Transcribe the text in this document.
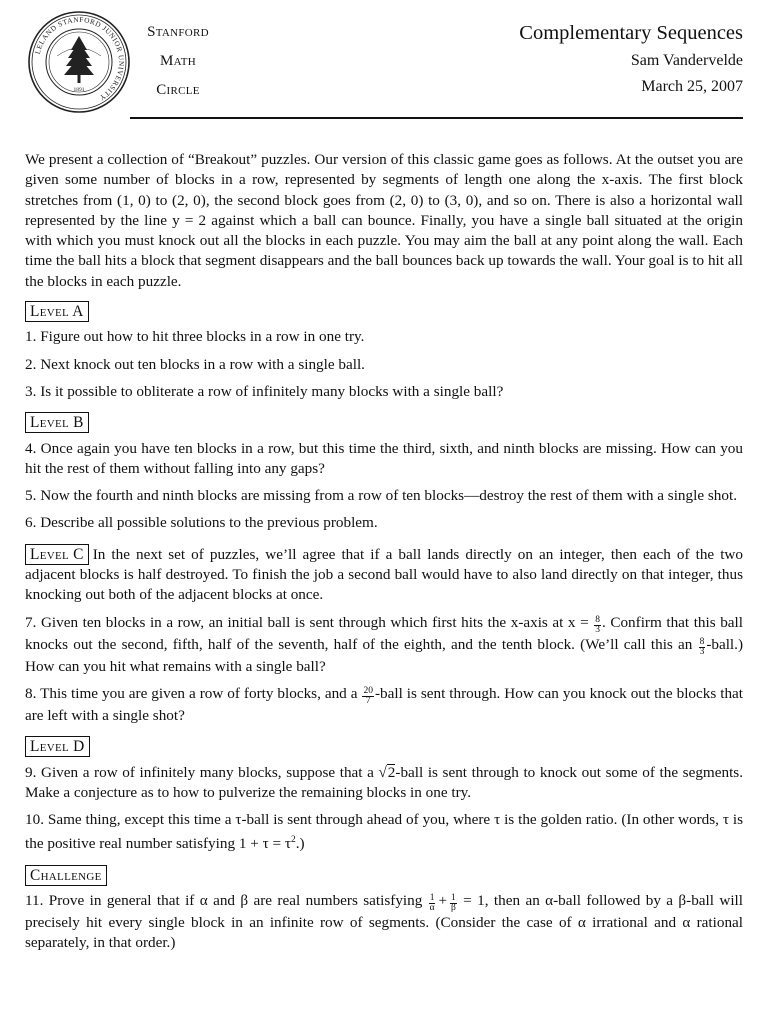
LELAND STANFORD JUNIOR UNIVERSITY
1891
Stanford
Math
Circle
Complementary Sequences
Sam Vandervelde
March 25, 2007

We present a collection of “Breakout” puzzles. Our version of this classic game goes as follows. At the outset you are given some number of blocks in a row, represented by segments of length one along the x-axis. The first block stretches from (1, 0) to (2, 0), the second block goes from (2, 0) to (3, 0), and so on. There is also a horizontal wall represented by the line y = 2 against which a ball can bounce. Finally, you have a single ball situated at the origin with which you must knock out all the blocks in each puzzle. You may aim the ball at any point along the wall. Each time the ball hits a block that segment disappears and the ball bounces back up towards the wall. Your goal is to hit all the blocks in each puzzle.

Level A

1. Figure out how to hit three blocks in a row in one try.

2. Next knock out ten blocks in a row with a single ball.

3. Is it possible to obliterate a row of infinitely many blocks with a single ball?

Level B

4. Once again you have ten blocks in a row, but this time the third, sixth, and ninth blocks are missing. How can you hit the rest of them without falling into any gaps?

5. Now the fourth and ninth blocks are missing from a row of ten blocks—destroy the rest of them with a single shot.

6. Describe all possible solutions to the previous problem.

Level C In the next set of puzzles, we’ll agree that if a ball lands directly on an integer, then each of the two adjacent blocks is half destroyed. To finish the job a second ball would have to also land directly on that integer, thus knocking out both of the adjacent blocks at once.

7. Given ten blocks in a row, an initial ball is sent through which first hits the x-axis at $x = \frac{8}{3}$ . Confirm that this ball knocks out the second, fifth, half of the seventh, half of the eighth, and the tenth block. (We’ll call this an $\frac{8}{3}$ -ball.) How can you hit what remains with a single ball?

8. This time you are given a row of forty blocks, and a $\frac{20}{7}$ -ball is sent through. How can you knock out the blocks that are left with a single shot?

Level D

9. Given a row of infinitely many blocks, suppose that a √2-ball is sent through to knock out some of the segments. Make a conjecture as to how to pulverize the remaining blocks in one try.

10. Same thing, except this time a τ-ball is sent through ahead of you, where τ is the golden ratio. (In other words, τ is the positive real number satisfying $1 + \tau = \tau^2$.)

Challenge

11. Prove in general that if α and β are real numbers satisfying $\frac{1}{\alpha} + \frac{1}{\beta} = 1$, then an α-ball followed by a β-ball will precisely hit every single block in an infinite row of segments. (Consider the case of α irrational and α rational separately, in that order.)
